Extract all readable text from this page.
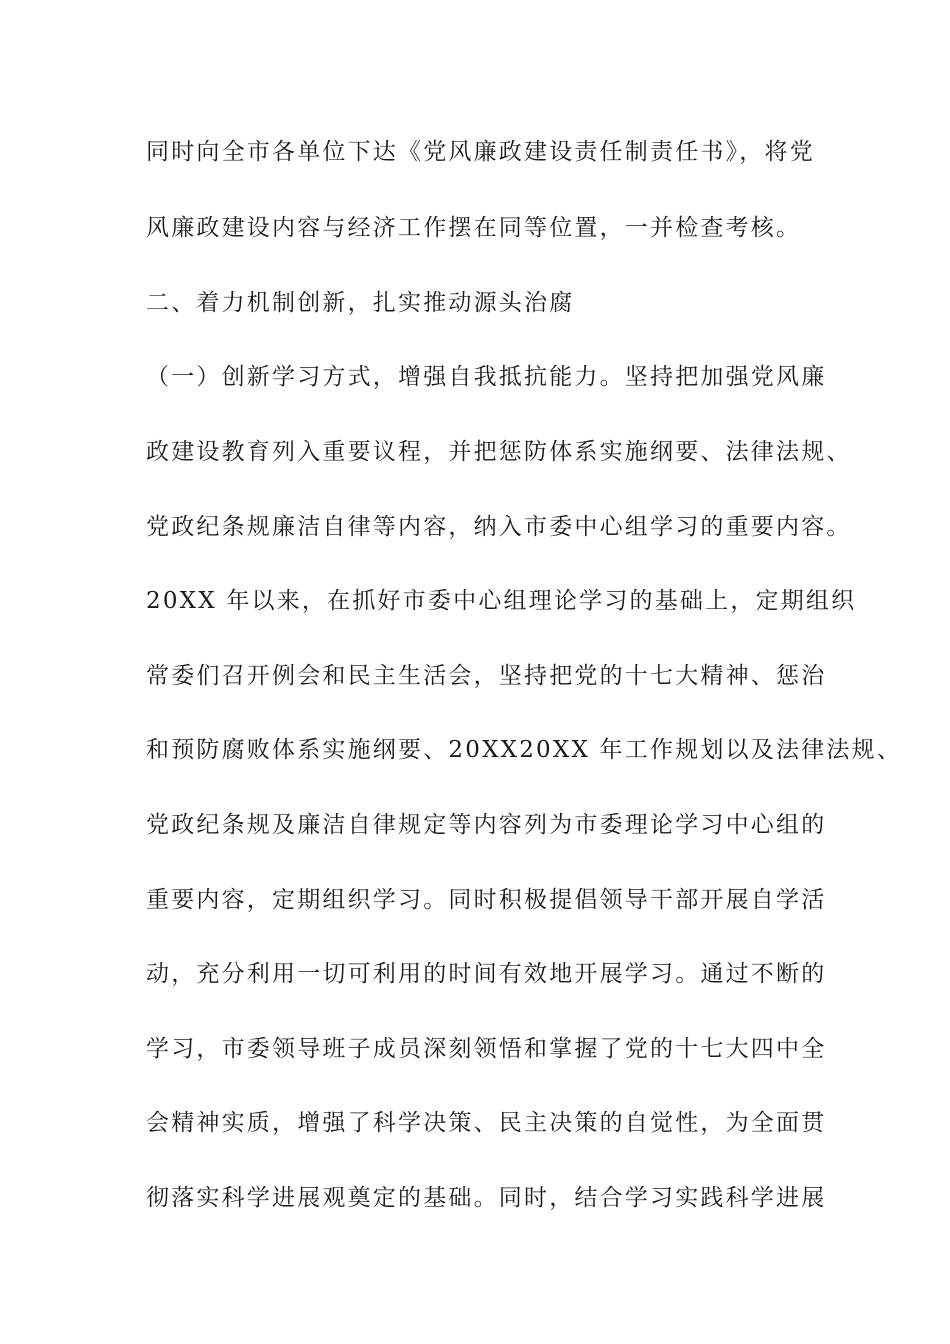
同时向全市各单位下达《党风廉政建设责任制责任书》，将党
风廉政建设内容与经济工作摆在同等位置，一并检查考核。
二、着力机制创新，扎实推动源头治腐
（一）创新学习方式，增强自我抵抗能力。坚持把加强党风廉
政建设教育列入重要议程，并把惩防体系实施纲要、法律法规、
党政纪条规廉洁自律等内容，纳入市委中心组学习的重要内容。
20XX 年以来，在抓好市委中心组理论学习的基础上，定期组织
常委们召开例会和民主生活会，坚持把党的十七大精神、惩治
和预防腐败体系实施纲要、20XX20XX 年工作规划以及法律法规、
党政纪条规及廉洁自律规定等内容列为市委理论学习中心组的
重要内容，定期组织学习。同时积极提倡领导干部开展自学活
动，充分利用一切可利用的时间有效地开展学习。通过不断的
学习，市委领导班子成员深刻领悟和掌握了党的十七大四中全
会精神实质，增强了科学决策、民主决策的自觉性，为全面贯
彻落实科学进展观奠定的基础。同时，结合学习实践科学进展
